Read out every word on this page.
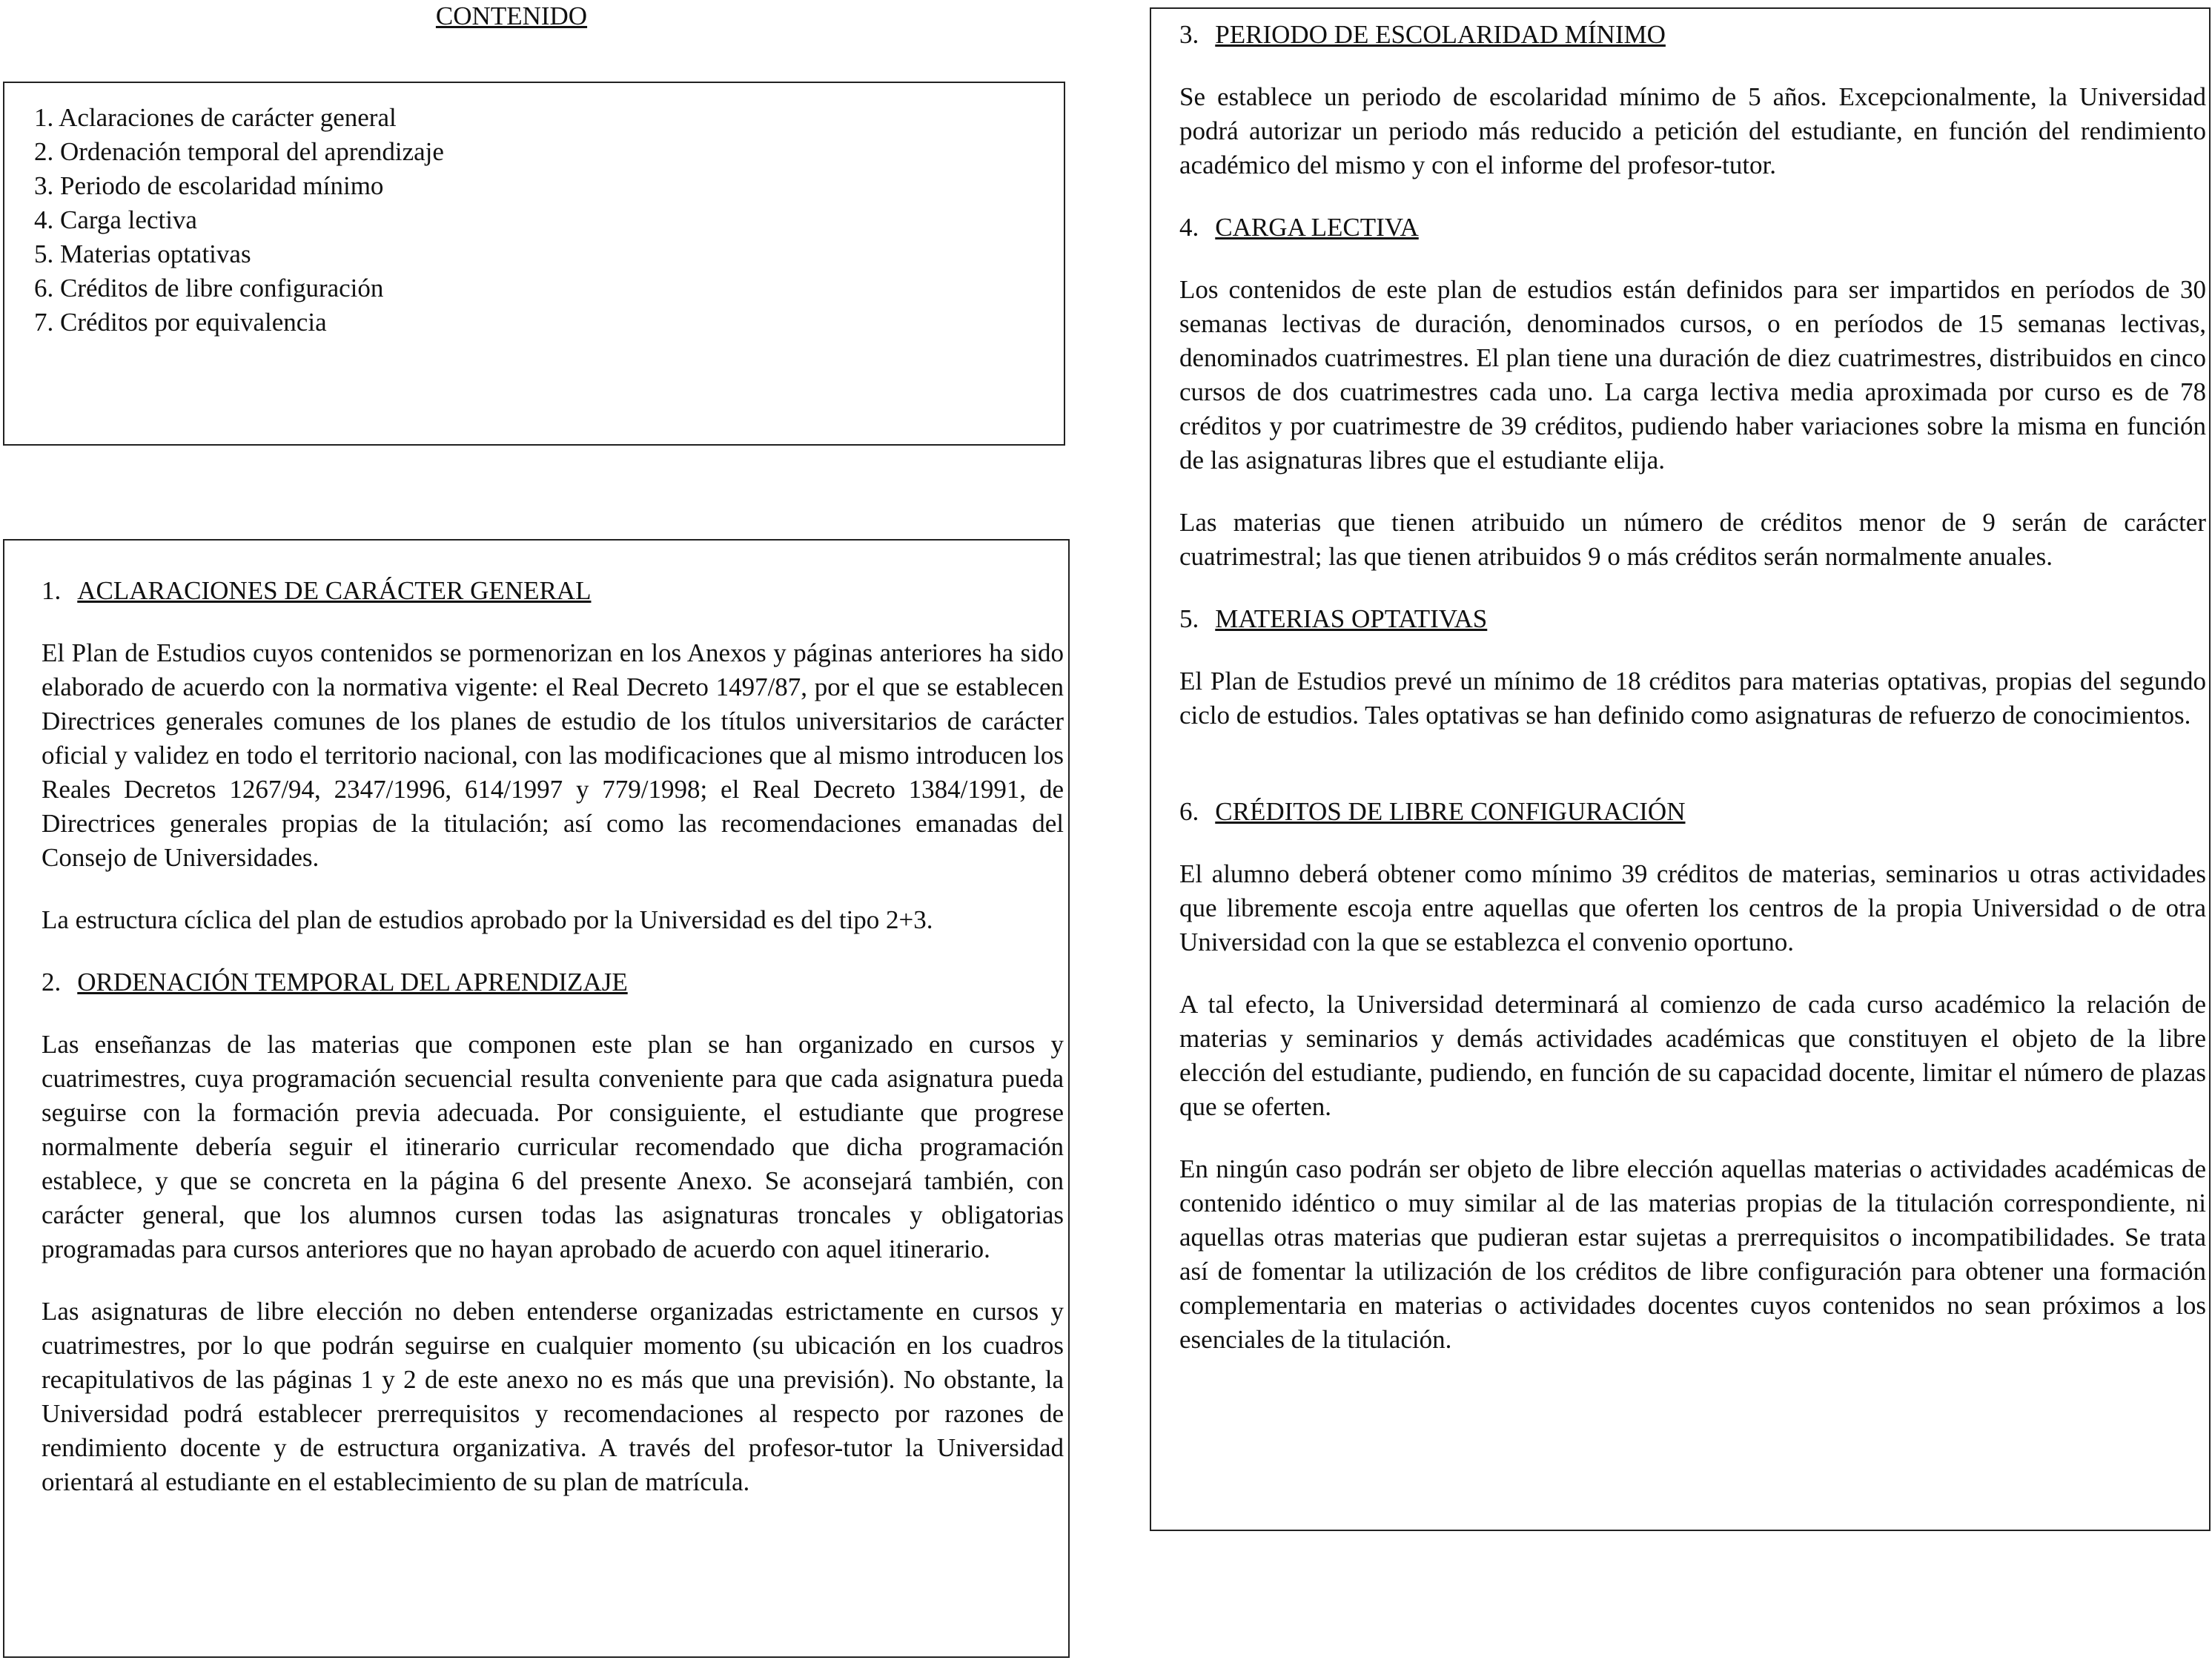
CONTENIDO
1. Aclaraciones de carácter general
2. Ordenación temporal del aprendizaje
3. Periodo de escolaridad mínimo
4. Carga lectiva
5. Materias optativas
6. Créditos de libre configuración
7. Créditos por equivalencia
1. ACLARACIONES DE CARÁCTER GENERAL

El Plan de Estudios cuyos contenidos se pormenorizan en los Anexos y páginas anteriores ha sido elaborado de acuerdo con la normativa vigente: el Real Decreto 1497/87, por el que se establecen Directrices generales comunes de los planes de estudio de los títulos universitarios de carácter oficial y validez en todo el territorio nacional, con las modificaciones que al mismo introducen los Reales Decretos 1267/94, 2347/1996, 614/1997 y 779/1998; el Real Decreto 1384/1991, de Directrices generales propias de la titulación; así como las recomendaciones emanadas del Consejo de Universidades.

La estructura cíclica del plan de estudios aprobado por la Universidad es del tipo 2+3.

2. ORDENACIÓN TEMPORAL DEL APRENDIZAJE

Las enseñanzas de las materias que componen este plan se han organizado en cursos y cuatrimestres, cuya programación secuencial resulta conveniente para que cada asignatura pueda seguirse con la formación previa adecuada. Por consiguiente, el estudiante que progrese normalmente debería seguir el itinerario curricular recomendado que dicha programación establece, y que se concreta en la página 6 del presente Anexo. Se aconsejará también, con carácter general, que los alumnos cursen todas las asignaturas troncales y obligatorias programadas para cursos anteriores que no hayan aprobado de acuerdo con aquel itinerario.

Las asignaturas de libre elección no deben entenderse organizadas estrictamente en cursos y cuatrimestres, por lo que podrán seguirse en cualquier momento (su ubicación en los cuadros recapitulativos de las páginas 1 y 2 de este anexo no es más que una previsión). No obstante, la Universidad podrá establecer prerrequisitos y recomendaciones al respecto por razones de rendimiento docente y de estructura organizativa. A través del profesor-tutor la Universidad orientará al estudiante en el establecimiento de su plan de matrícula.

3. PERIODO DE ESCOLARIDAD MÍNIMO

Se establece un periodo de escolaridad mínimo de 5 años. Excepcionalmente, la Universidad podrá autorizar un periodo más reducido a petición del estudiante, en función del rendimiento académico del mismo y con el informe del profesor-tutor.

4. CARGA LECTIVA

Los contenidos de este plan de estudios están definidos para ser impartidos en períodos de 30 semanas lectivas de duración, denominados cursos, o en períodos de 15 semanas lectivas, denominados cuatrimestres. El plan tiene una duración de diez cuatrimestres, distribuidos en cinco cursos de dos cuatrimestres cada uno. La carga lectiva media aproximada por curso es de 78 créditos y por cuatrimestre de 39 créditos, pudiendo haber variaciones sobre la misma en función de las asignaturas libres que el estudiante elija.

Las materias que tienen atribuido un número de créditos menor de 9 serán de carácter cuatrimestral; las que tienen atribuidos 9 o más créditos serán normalmente anuales.

5. MATERIAS OPTATIVAS

El Plan de Estudios prevé un mínimo de 18 créditos para materias optativas, propias del segundo ciclo de estudios. Tales optativas se han definido como asignaturas de refuerzo de conocimientos.

6. CRÉDITOS DE LIBRE CONFIGURACIÓN

El alumno deberá obtener como mínimo 39 créditos de materias, seminarios u otras actividades que libremente escoja entre aquellas que oferten los centros de la propia Universidad o de otra Universidad con la que se establezca el convenio oportuno.

A tal efecto, la Universidad determinará al comienzo de cada curso académico la relación de materias y seminarios y demás actividades académicas que constituyen el objeto de la libre elección del estudiante, pudiendo, en función de su capacidad docente, limitar el número de plazas que se oferten.

En ningún caso podrán ser objeto de libre elección aquellas materias o actividades académicas de contenido idéntico o muy similar al de las materias propias de la titulación correspondiente, ni aquellas otras materias que pudieran estar sujetas a prerrequisitos o incompatibilidades. Se trata así de fomentar la utilización de los créditos de libre configuración para obtener una formación complementaria en materias o actividades docentes cuyos contenidos no sean próximos a los esenciales de la titulación.
